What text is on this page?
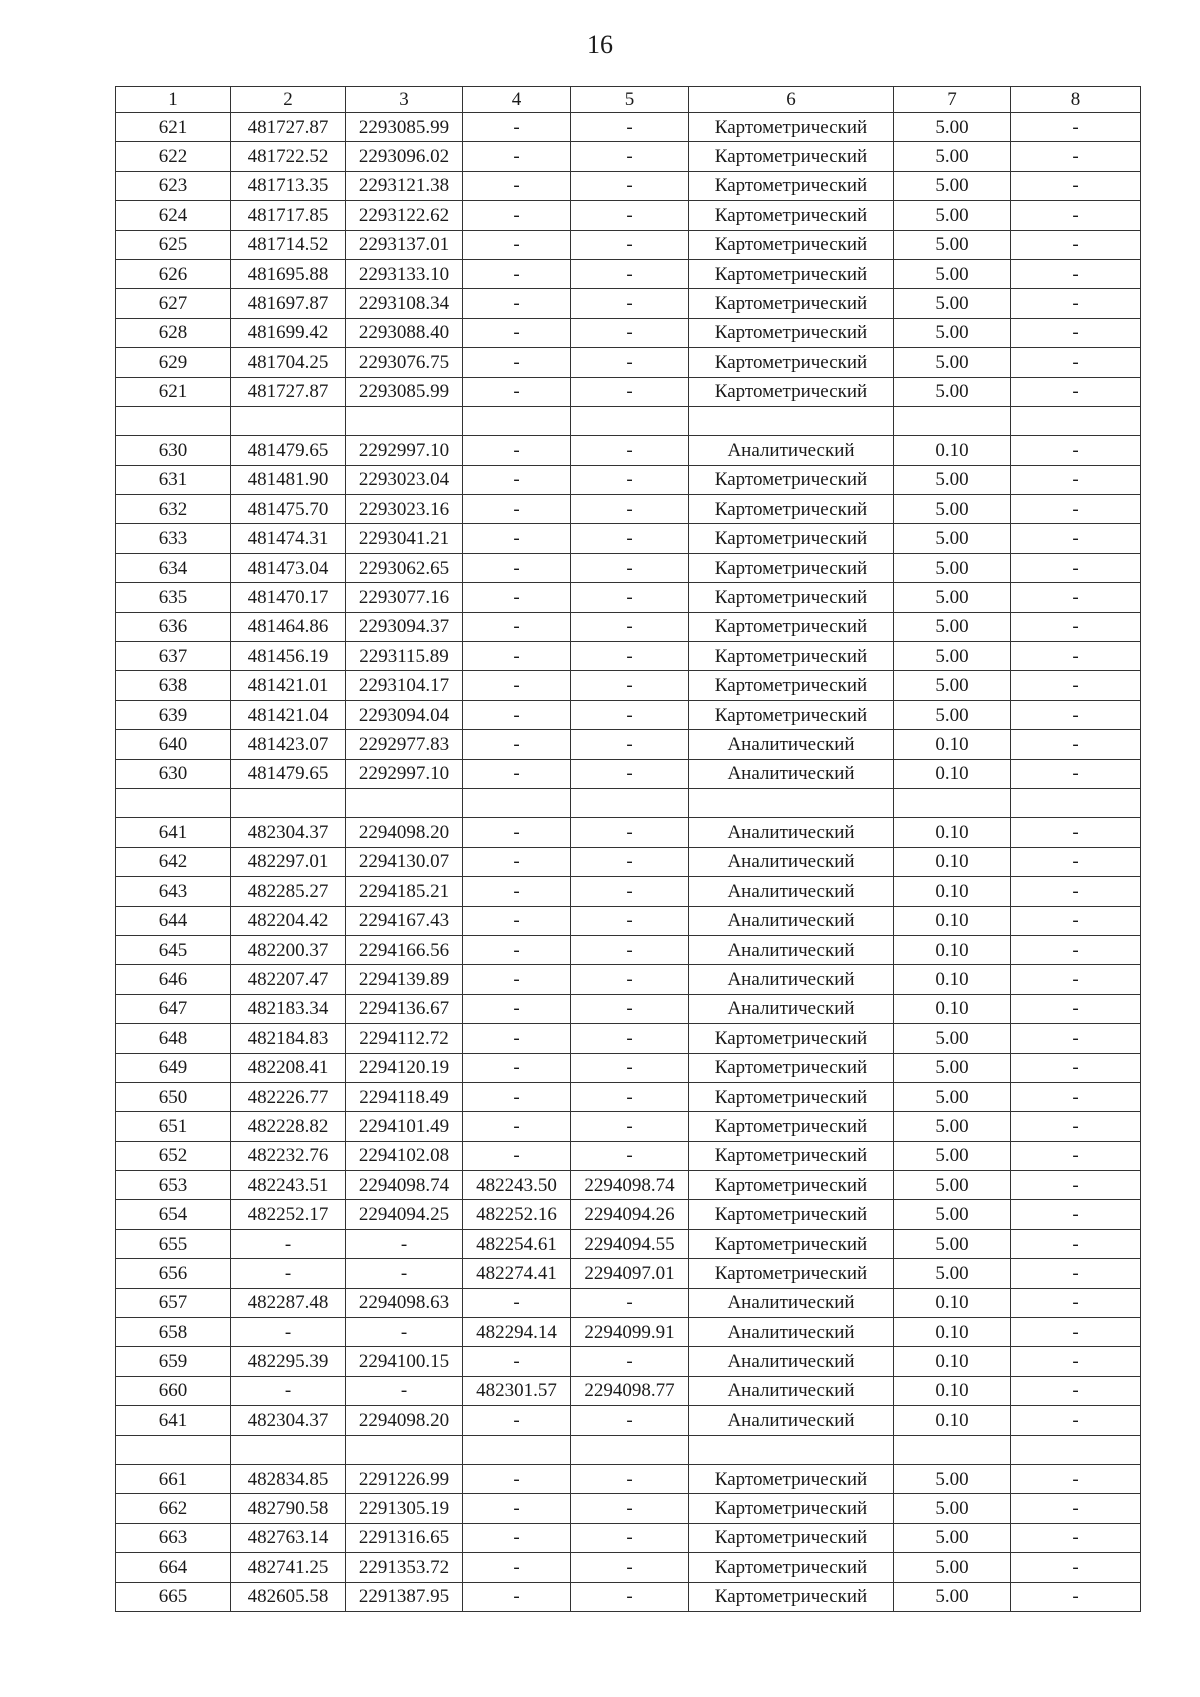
16
1	2	3	4	5	6	7	8
621	481727.87	2293085.99	-	-	Картометрический	5.00	-
622	481722.52	2293096.02	-	-	Картометрический	5.00	-
623	481713.35	2293121.38	-	-	Картометрический	5.00	-
624	481717.85	2293122.62	-	-	Картометрический	5.00	-
625	481714.52	2293137.01	-	-	Картометрический	5.00	-
626	481695.88	2293133.10	-	-	Картометрический	5.00	-
627	481697.87	2293108.34	-	-	Картометрический	5.00	-
628	481699.42	2293088.40	-	-	Картометрический	5.00	-
629	481704.25	2293076.75	-	-	Картометрический	5.00	-
621	481727.87	2293085.99	-	-	Картометрический	5.00	-

630	481479.65	2292997.10	-	-	Аналитический	0.10	-
631	481481.90	2293023.04	-	-	Картометрический	5.00	-
632	481475.70	2293023.16	-	-	Картометрический	5.00	-
633	481474.31	2293041.21	-	-	Картометрический	5.00	-
634	481473.04	2293062.65	-	-	Картометрический	5.00	-
635	481470.17	2293077.16	-	-	Картометрический	5.00	-
636	481464.86	2293094.37	-	-	Картометрический	5.00	-
637	481456.19	2293115.89	-	-	Картометрический	5.00	-
638	481421.01	2293104.17	-	-	Картометрический	5.00	-
639	481421.04	2293094.04	-	-	Картометрический	5.00	-
640	481423.07	2292977.83	-	-	Аналитический	0.10	-
630	481479.65	2292997.10	-	-	Аналитический	0.10	-

641	482304.37	2294098.20	-	-	Аналитический	0.10	-
642	482297.01	2294130.07	-	-	Аналитический	0.10	-
643	482285.27	2294185.21	-	-	Аналитический	0.10	-
644	482204.42	2294167.43	-	-	Аналитический	0.10	-
645	482200.37	2294166.56	-	-	Аналитический	0.10	-
646	482207.47	2294139.89	-	-	Аналитический	0.10	-
647	482183.34	2294136.67	-	-	Аналитический	0.10	-
648	482184.83	2294112.72	-	-	Картометрический	5.00	-
649	482208.41	2294120.19	-	-	Картометрический	5.00	-
650	482226.77	2294118.49	-	-	Картометрический	5.00	-
651	482228.82	2294101.49	-	-	Картометрический	5.00	-
652	482232.76	2294102.08	-	-	Картометрический	5.00	-
653	482243.51	2294098.74	482243.50	2294098.74	Картометрический	5.00	-
654	482252.17	2294094.25	482252.16	2294094.26	Картометрический	5.00	-
655	-	-	482254.61	2294094.55	Картометрический	5.00	-
656	-	-	482274.41	2294097.01	Картометрический	5.00	-
657	482287.48	2294098.63	-	-	Аналитический	0.10	-
658	-	-	482294.14	2294099.91	Аналитический	0.10	-
659	482295.39	2294100.15	-	-	Аналитический	0.10	-
660	-	-	482301.57	2294098.77	Аналитический	0.10	-
641	482304.37	2294098.20	-	-	Аналитический	0.10	-

661	482834.85	2291226.99	-	-	Картометрический	5.00	-
662	482790.58	2291305.19	-	-	Картометрический	5.00	-
663	482763.14	2291316.65	-	-	Картометрический	5.00	-
664	482741.25	2291353.72	-	-	Картометрический	5.00	-
665	482605.58	2291387.95	-	-	Картометрический	5.00	-
